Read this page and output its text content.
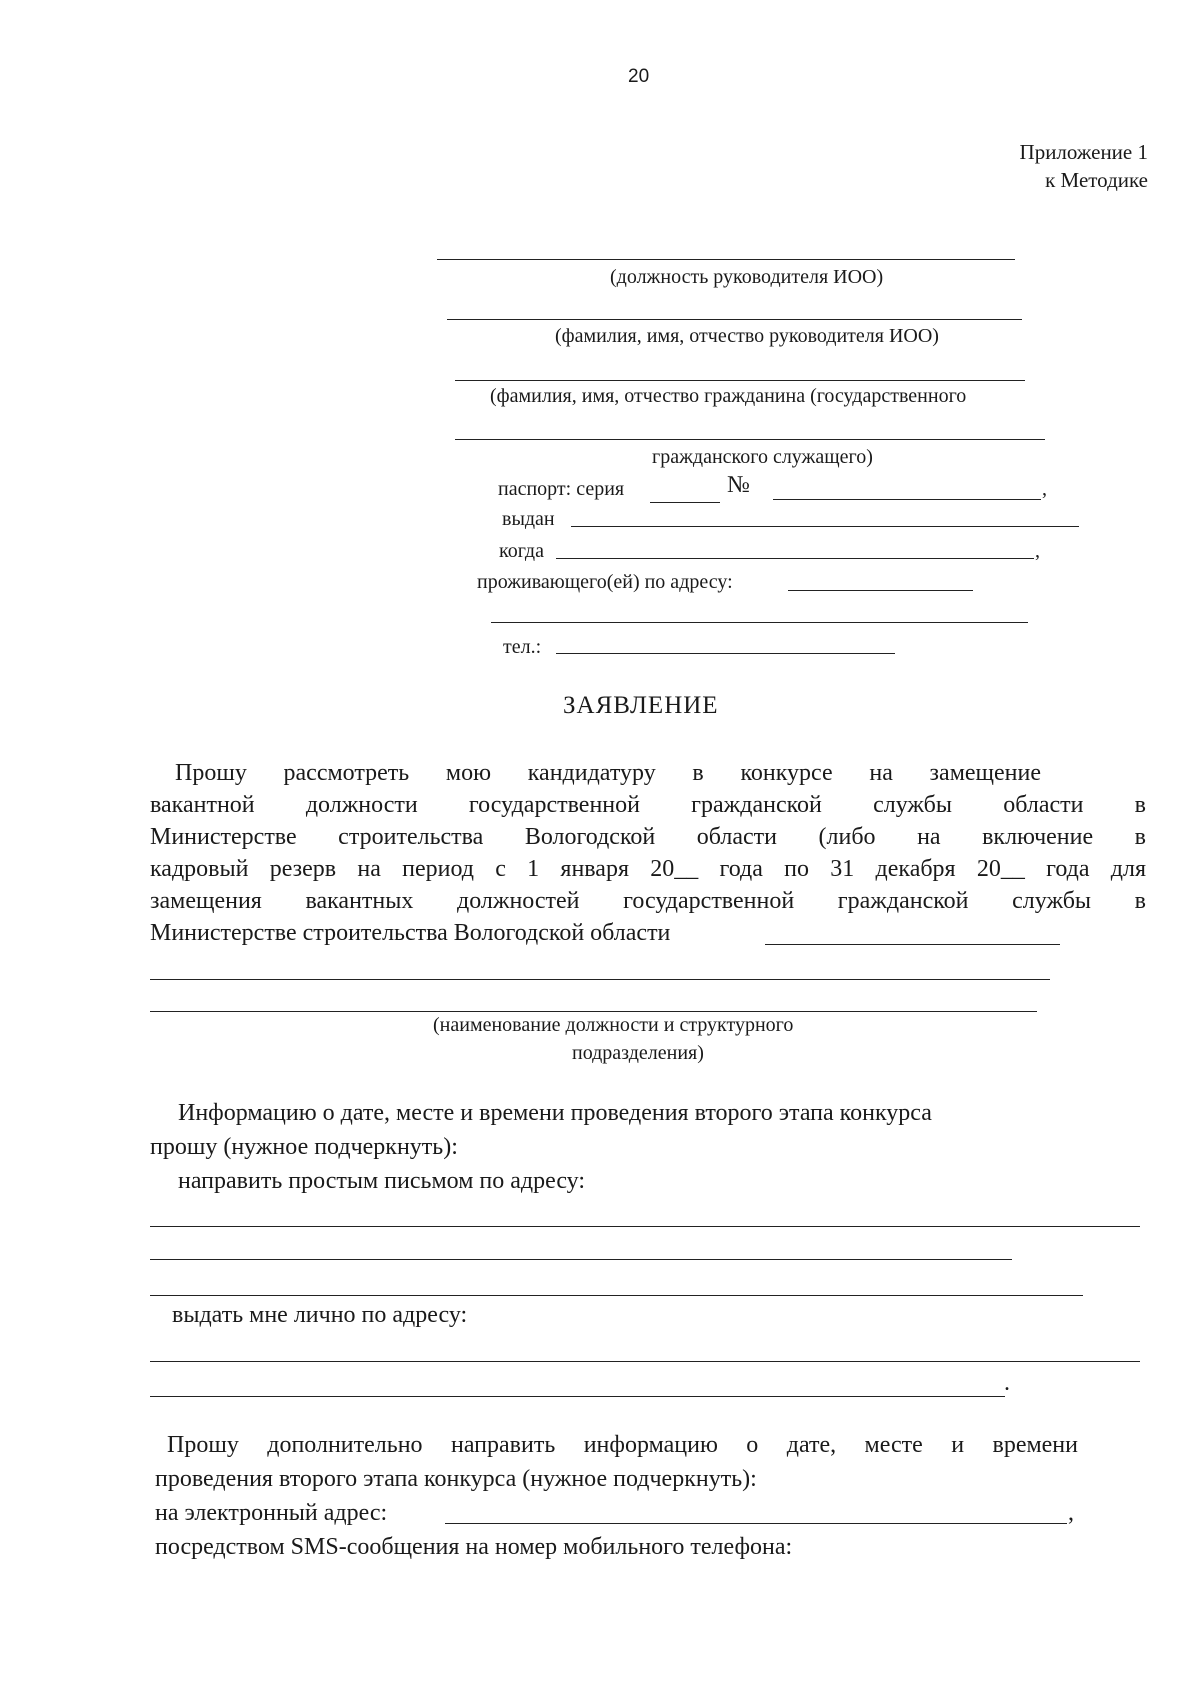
20
Приложение 1
к Методике
(должность руководителя ИОО)
(фамилия, имя, отчество руководителя ИОО)
(фамилия, имя, отчество гражданина (государственного
гражданского служащего)
паспорт: серия	№	,
выдан
когда	,
проживающего(ей) по адресу:
тел.:
ЗАЯВЛЕНИЕ
Прошу рассмотреть мою кандидатуру в конкурсе на замещение
вакантной должности государственной гражданской службы области в
Министерстве строительства Вологодской области (либо на включение в
кадровый резерв на период с 1 января 20__ года по 31 декабря 20__ года для
замещения вакантных должностей государственной гражданской службы в
Министерстве строительства Вологодской области
(наименование должности и структурного
подразделения)
Информацию о дате, месте и времени проведения второго этапа конкурса
прошу (нужное подчеркнуть):
направить простым письмом по адресу:
выдать мне лично по адресу:
.
Прошу дополнительно направить информацию о дате, месте и времени
проведения второго этапа конкурса (нужное подчеркнуть):
на электронный адрес:	,
посредством SMS-сообщения на номер мобильного телефона:
